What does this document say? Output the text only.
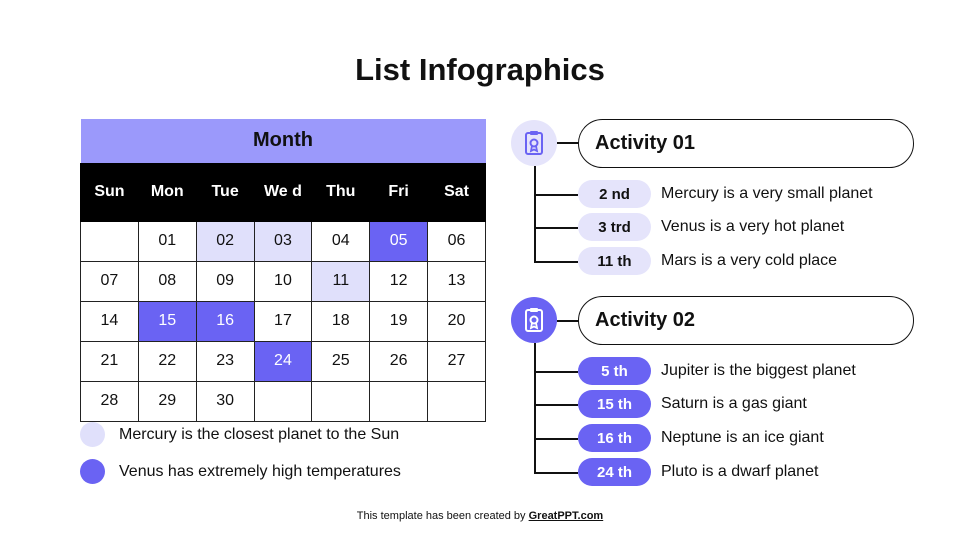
List Infographics
Month						
Sun	Mon	Tue	We d	Thu	Fri	Sat
	01	02	03	04	05	06
07	08	09	10	11	12	13
14	15	16	17	18	19	20
21	22	23	24	25	26	27
28	29	30				
Mercury is the closest planet to the Sun
Venus has extremely high temperatures
Activity 01
2 nd	Mercury is a very small planet
3 trd	Venus is a very hot planet
11 th	Mars is a very cold place
Activity 02
5 th	Jupiter is the biggest planet
15 th	Saturn is a gas giant
16 th	Neptune is an ice giant
24 th	Pluto is a dwarf planet
This template has been created by GreatPPT.com
